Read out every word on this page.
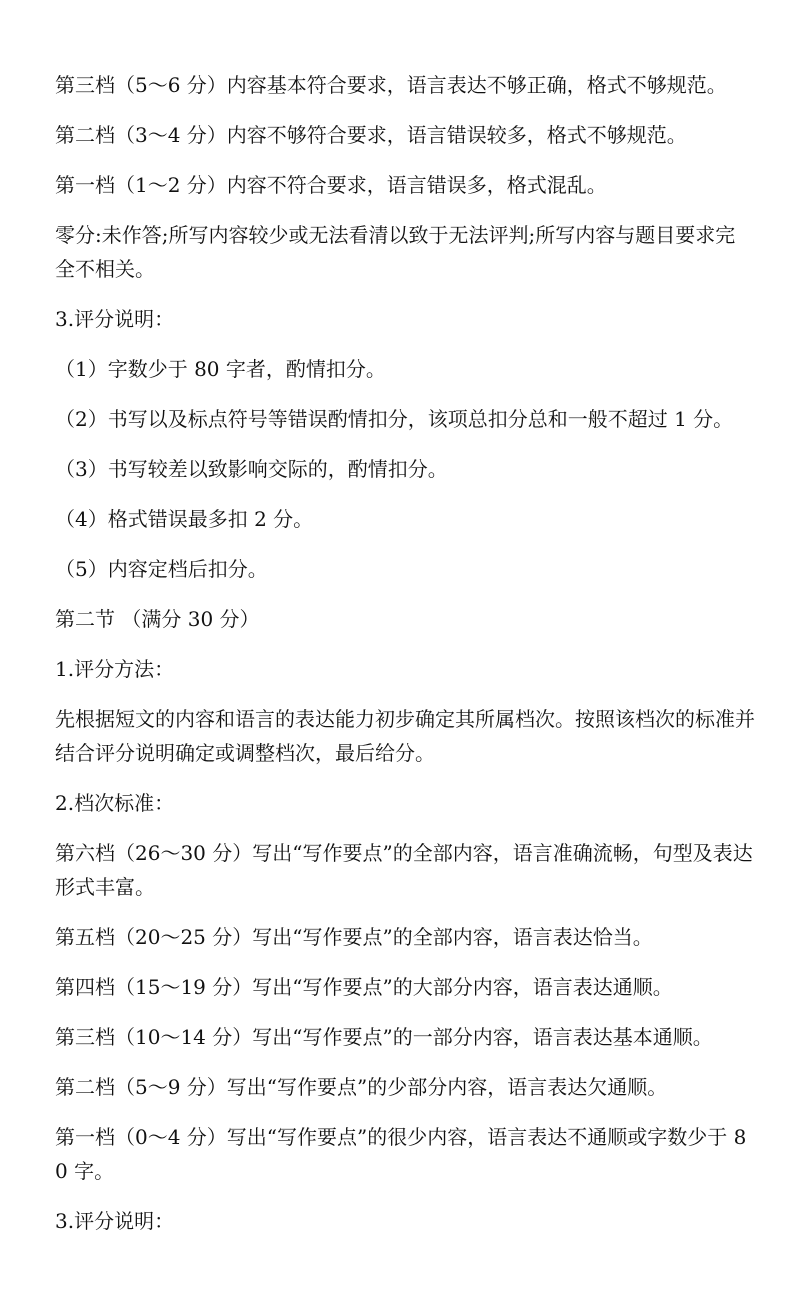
第三档（5～6 分）内容基本符合要求，语言表达不够正确，格式不够规范。

第二档（3～4 分）内容不够符合要求，语言错误较多，格式不够规范。

第一档（1～2 分）内容不符合要求，语言错误多，格式混乱。

零分:未作答;所写内容较少或无法看清以致于无法评判;所写内容与题目要求完全不相关。

3.评分说明：

（1）字数少于 80 字者，酌情扣分。

（2）书写以及标点符号等错误酌情扣分，该项总扣分总和一般不超过 1 分。

（3）书写较差以致影响交际的，酌情扣分。

（4）格式错误最多扣 2 分。

（5）内容定档后扣分。

第二节 （满分 30 分）

1.评分方法：

先根据短文的内容和语言的表达能力初步确定其所属档次。按照该档次的标准并结合评分说明确定或调整档次，最后给分。

2.档次标准：

第六档（26～30 分）写出“写作要点”的全部内容，语言准确流畅，句型及表达形式丰富。

第五档（20～25 分）写出“写作要点”的全部内容，语言表达恰当。

第四档（15～19 分）写出“写作要点”的大部分内容，语言表达通顺。

第三档（10～14 分）写出“写作要点”的一部分内容，语言表达基本通顺。

第二档（5～9 分）写出“写作要点”的少部分内容，语言表达欠通顺。

第一档（0～4 分）写出“写作要点”的很少内容，语言表达不通顺或字数少于 80 字。

3.评分说明：
